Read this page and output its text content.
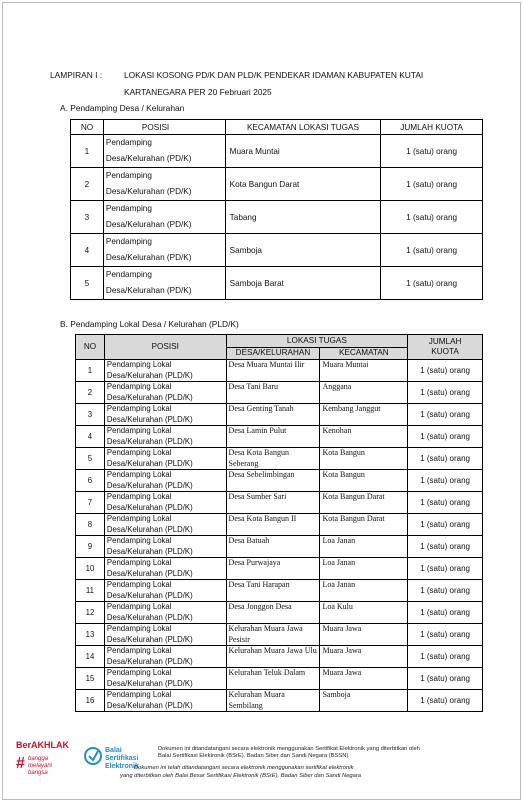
LAMPIRAN I :	LOKASI KOSONG PD/K DAN PLD/K PENDEKAR IDAMAN KABUPATEN KUTAI
KARTANEGARA PER 20 Februari 2025
A. Pendamping Desa / Kelurahan
NO	POSISI	KECAMATAN LOKASI TUGAS	JUMLAH KUOTA
1	Pendamping
Desa/Kelurahan (PD/K)	Muara Muntai	1 (satu) orang
2	Pendamping
Desa/Kelurahan (PD/K)	Kota Bangun Darat	1 (satu) orang
3	Pendamping
Desa/Kelurahan (PD/K)	Tabang	1 (satu) orang
4	Pendamping
Desa/Kelurahan (PD/K)	Samboja	1 (satu) orang
5	Pendamping
Desa/Kelurahan (PD/K)	Samboja Barat	1 (satu) orang
B. Pendamping Lokal Desa / Kelurahan (PLD/K)
NO	POSISI	LOKASI TUGAS		JUMLAH
KUOTA

		DESA/KELURAHAN	KECAMATAN	
1	Pendamping Lokal
Desa/Kelurahan (PLD/K)	Desa Muara Muntai Ilir	Muara Muntai	1 (satu) orang
2	Pendamping Lokal
Desa/Kelurahan (PLD/K)	Desa Tani Baru	Anggana	1 (satu) orang
3	Pendamping Lokal
Desa/Kelurahan (PLD/K)	Desa Genting Tanah	Kembang Janggut	1 (satu) orang
4	Pendamping Lokal
Desa/Kelurahan (PLD/K)	Desa Lamin Pulut	Kenohan	1 (satu) orang
5	Pendamping Lokal
Desa/Kelurahan (PLD/K)	Desa Kota Bangun Seberang	Kota Bangun	1 (satu) orang
6	Pendamping Lokal
Desa/Kelurahan (PLD/K)	Desa Sebelimbingan	Kota Bangun	1 (satu) orang
7	Pendamping Lokal
Desa/Kelurahan (PLD/K)	Desa Sumber Sari	Kota Bangun Darat	1 (satu) orang
8	Pendamping Lokal
Desa/Kelurahan (PLD/K)	Desa Kota Bangun II	Kota Bangun Darat	1 (satu) orang
9	Pendamping Lokal
Desa/Kelurahan (PLD/K)	Desa Batuah	Loa Janan	1 (satu) orang
10	Pendamping Lokal
Desa/Kelurahan (PLD/K)	Desa Purwajaya	Loa Janan	1 (satu) orang
11	Pendamping Lokal
Desa/Kelurahan (PLD/K)	Desa Tani Harapan	Loa Janan	1 (satu) orang
12	Pendamping Lokal
Desa/Kelurahan (PLD/K)	Desa Jonggon Desa	Loa Kulu	1 (satu) orang
13	Pendamping Lokal
Desa/Kelurahan (PLD/K)	Kelurahan Muara Jawa Pesisir	Muara Jawa	1 (satu) orang
14	Pendamping Lokal
Desa/Kelurahan (PLD/K)	Kelurahan Muara Jawa Ulu	Muara Jawa	1 (satu) orang
15	Pendamping Lokal
Desa/Kelurahan (PLD/K)	Kelurahan Teluk Dalam	Muara Jawa	1 (satu) orang
16	Pendamping Lokal
Desa/Kelurahan (PLD/K)	Kelurahan Muara Sembilang	Samboja	1 (satu) orang
BerAKHLAK
# bangga
melayani
bangsa
Balai
Sertifikasi
Elektronik
Dokumen ini ditandatangani secara elektronik menggunakan Sertifikat Elektronik yang diterbitkan oleh
Balai Sertifikasi Elektronik (BSrE), Badan Siber dan Sandi Negara (BSSN)
Dokumen ini telah ditandatangani secara elektronik menggunakan sertifikat elektronik
yang diterbitkan oleh Balai Besar Sertifikasi Elektronik (BSrE), Badan Siber dan Sandi Negara
